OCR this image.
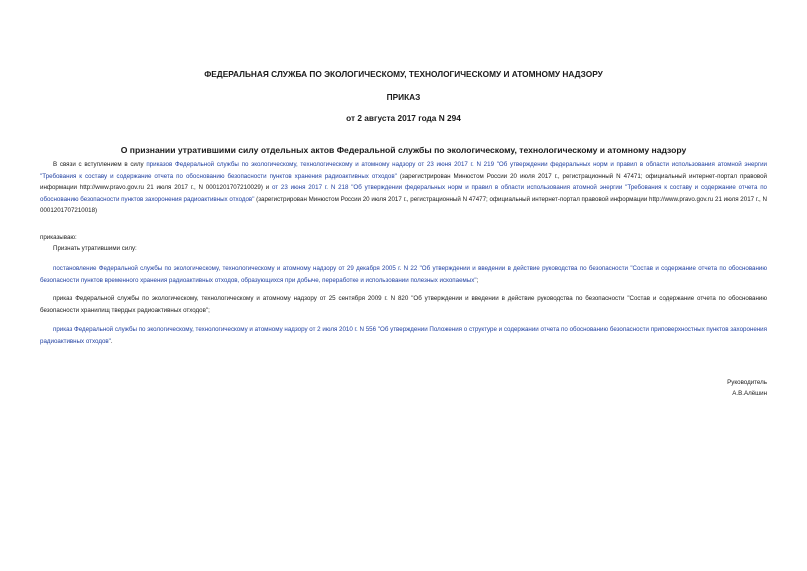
ФЕДЕРАЛЬНАЯ СЛУЖБА ПО ЭКОЛОГИЧЕСКОМУ, ТЕХНОЛОГИЧЕСКОМУ И АТОМНОМУ НАДЗОРУ
ПРИКАЗ
от 2 августа 2017 года N 294
О признании утратившими силу отдельных актов Федеральной службы по экологическому, технологическому и атомному надзору
В связи с вступлением в силу приказов Федеральной службы по экологическому, технологическому и атомному надзору от 23 июня 2017 г. N 219 "Об утверждении федеральных норм и правил в области использования атомной энергии "Требования к составу и содержание отчета по обоснованию безопасности пунктов хранения радиоактивных отходов" (зарегистрирован Минюстом России 20 июля 2017 г., регистрационный N 47471; официальный интернет-портал правовой информации http://www.pravo.gov.ru 21 июля 2017 г., N 0001201707210029) и от 23 июня 2017 г. N 218 "Об утверждении федеральных норм и правил в области использования атомной энергии "Требования к составу и содержание отчета по обоснованию безопасности пунктов захоронения радиоактивных отходов" (зарегистрирован Минюстом России 20 июля 2017 г., регистрационный N 47477; официальный интернет-портал правовой информации http://www.pravo.gov.ru 21 июля 2017 г., N 0001201707210018)
приказываю:
Признать утратившими силу:
постановление Федеральной службы по экологическому, технологическому и атомному надзору от 29 декабря 2005 г. N 22 "Об утверждении и введении в действие руководства по безопасности "Состав и содержание отчета по обоснованию безопасности пунктов временного хранения радиоактивных отходов, образующихся при добыче, переработке и использовании полезных ископаемых";
приказ Федеральной службы по экологическому, технологическому и атомному надзору от 25 сентября 2009 г. N 820 "Об утверждении и введении в действие руководства по безопасности "Состав и содержание отчета по обоснованию безопасности хранилищ твердых радиоактивных отходов";
приказ Федеральной службы по экологическому, технологическому и атомному надзору от 2 июля 2010 г. N 556 "Об утверждении Положения о структуре и содержании отчета по обоснованию безопасности приповерхностных пунктов захоронения радиоактивных отходов".
Руководитель
А.В.Алёшин
